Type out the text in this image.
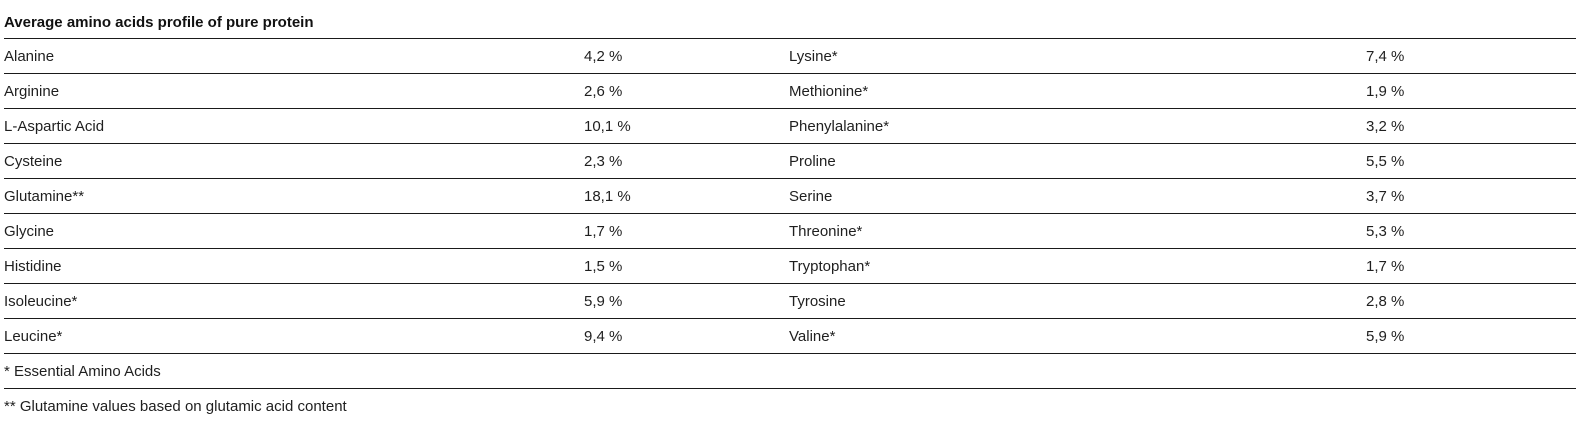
Average amino acids profile of pure protein
Alanine	4,2 %	Lysine*	7,4 %
Arginine	2,6 %	Methionine*	1,9 %
L-Aspartic Acid	10,1 %	Phenylalanine*	3,2 %
Cysteine	2,3 %	Proline	5,5 %
Glutamine**	18,1 %	Serine	3,7 %
Glycine	1,7 %	Threonine*	5,3 %
Histidine	1,5 %	Tryptophan*	1,7 %
Isoleucine*	5,9 %	Tyrosine	2,8 %
Leucine*	9,4 %	Valine*	5,9 %
* Essential Amino Acids
** Glutamine values based on glutamic acid content
